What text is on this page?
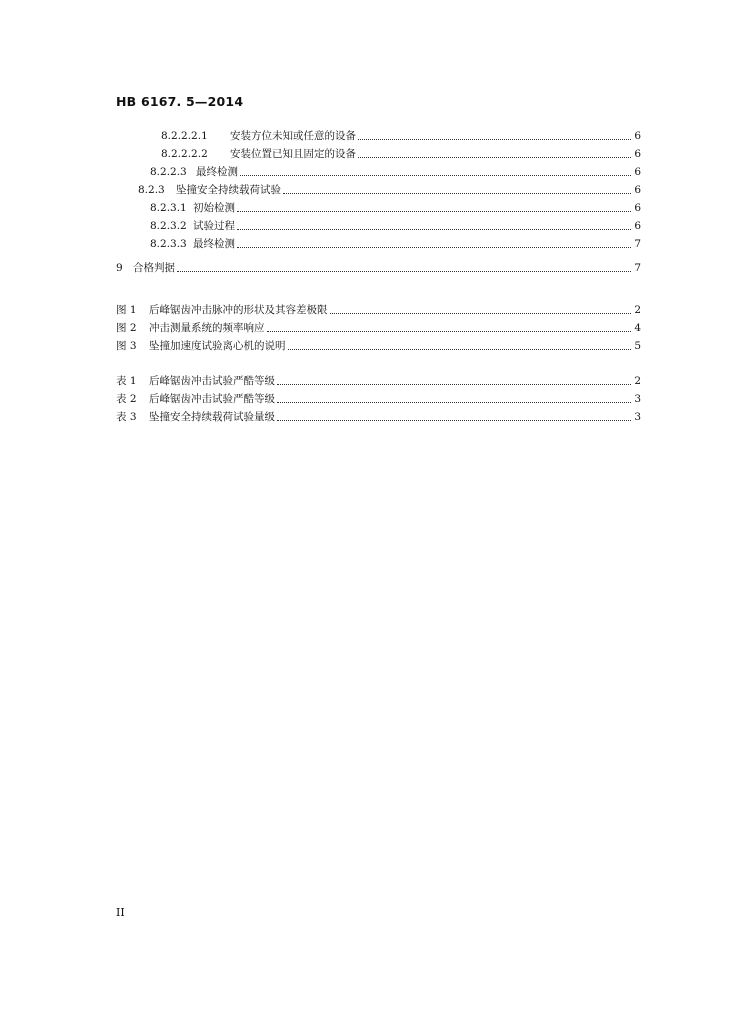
HB 6167. 5—2014
8.2.2.2.1	安装方位未知或任意的设备	6
8.2.2.2.2	安装位置已知且固定的设备	6
8.2.2.3 最终检测	6
8.2.3	坠撞安全持续载荷试验	6
8.2.3.1 初始检测	6
8.2.3.2 试验过程	6
8.2.3.3 最终检测	7
9 合格判据	7
图 1	后峰锯齿冲击脉冲的形状及其容差极限	2
图 2	冲击测量系统的频率响应	4
图 3	坠撞加速度试验离心机的说明	5
表 1	后峰锯齿冲击试验严酷等级	2
表 2	后峰锯齿冲击试验严酷等级	3
表 3	坠撞安全持续载荷试验量级	3
II
